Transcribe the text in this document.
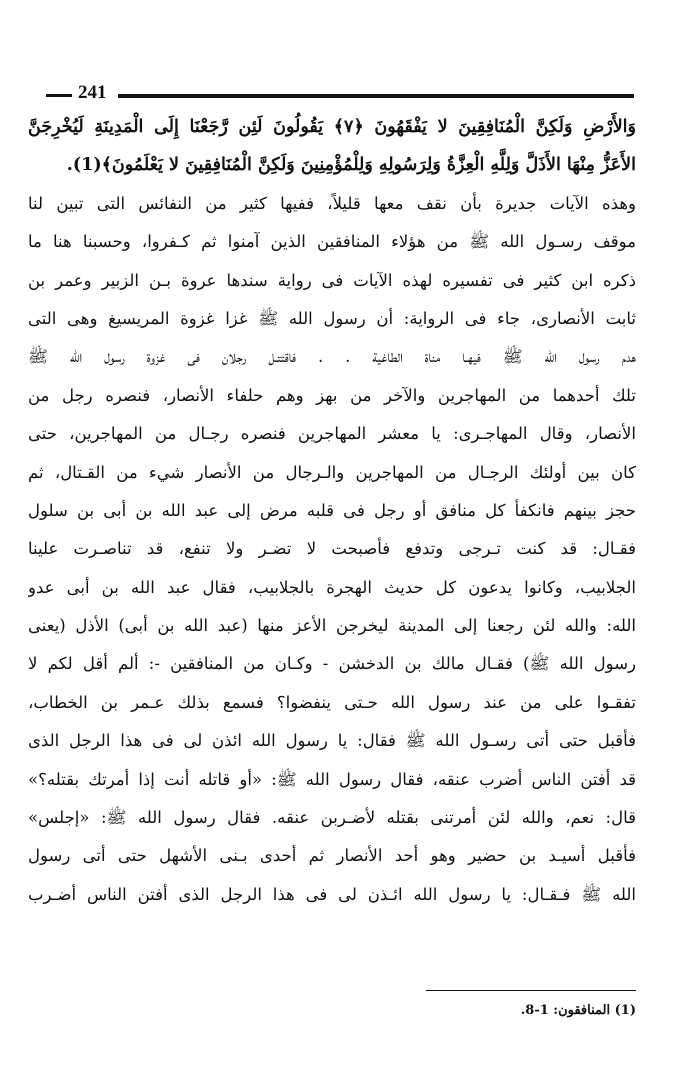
241
وَالأَرْضِ وَلَكِنَّ الْمُنَافِقِينَ لا يَفْقَهُونَ ﴿٧﴾ يَقُولُونَ لَئِن رَّجَعْنَا إِلَى الْمَدِينَةِ لَيُخْرِجَنَّ
الأَعَزُّ مِنْهَا الأَذَلَّ وَلِلَّهِ الْعِزَّةُ وَلِرَسُولِهِ وَلِلْمُؤْمِنِينَ وَلَكِنَّ الْمُنَافِقِينَ لا يَعْلَمُونَ﴾(1).
وهذه الآيات جديرة بأن نقف معها قليلاً، ففيها كثير من النفائس التى تبين لنا
موقف رسـول الله ﷺ من هؤلاء المنافقين الذين آمنوا ثم كـفروا، وحسبنا هنا ما
ذكره ابن كثير فى تفسيره لهذه الآيات فى رواية سندها عروة بـن الزبير وعمر بن
ثابت الأنصارى، جاء فى الرواية: أن رسول الله ﷺ غزا غزوة المريسيغ وهى التى
هدم رسول الله ﷺ فيهـا مناة الطاغية . . فاقتتـل رجلان فى غزوة رسول الله ﷺ
تلك أحدهما من المهاجرين والآخر من بهز وهم حلفاء الأنصار، فنصره رجل من
الأنصار، وقال المهاجـرى: يا معشر المهاجرين فنصره رجـال من المهاجرين، حتى
كان بين أولئك الرجـال من المهاجرين والـرجال من الأنصار شيء من القـتال، ثم
حجز بينهم فانكفأ كل منافق أو رجل فى قلبه مرض إلى عبد الله بن أبى بن سلول
فقـال: قد كنت تـرجى وتدفع فأصبحت لا تضـر ولا تنفع، قد تناصـرت علينا
الجلابيب، وكانوا يدعون كل حديث الهجرة بالجلابيب، فقال عبد الله بن أبى عدو
الله: والله لئن رجعنا إلى المدينة ليخرجن الأعز منها (عبد الله بن أبى) الأذل (يعنى
رسول الله ﷺ) فقـال مالك بن الدخشن - وكـان من المنافقين -: ألم أقل لكم لا
تفقـوا على من عند رسول الله حـتى ينفضوا؟ فسمع بذلك عـمر بن الخطاب،
فأقبل حتى أتى رسـول الله ﷺ فقال: يا رسول الله ائذن لى فى هذا الرجل الذى
قد أفتن الناس أضرب عنقه، فقال رسول الله ﷺ: «أو قاتله أنت إذا أمرتك بقتله؟»
قال: نعم، والله لئن أمرتنى بقتله لأضـربن عنقه. فقال رسول الله ﷺ: «إجلس»
فأقبل أسيـد بن حضير وهو أحد الأنصار ثم أحدى بـنى الأشهل حتى أتى رسول
الله ﷺ فـقـال: يا رسول الله ائـذن لى فى هذا الرجل الذى أفتن الناس أضـرب
(1) المنافقون: 1-8.
